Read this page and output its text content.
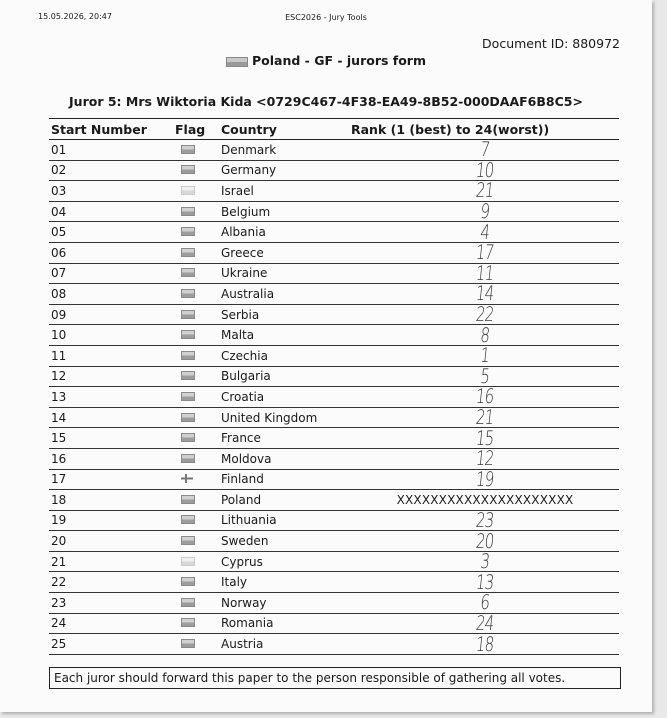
15.05.2026, 20:47	ESC2026 - Jury Tools
Document ID: 880972
Poland - GF - jurors form
Juror 5: Mrs Wiktoria Kida <0729C467-4F38-EA49-8B52-000DAAF6B8C5>
Start Number	Flag	Country	Rank (1 (best) to 24(worst))
01		Denmark	7
02		Germany	10
03		Israel	21
04		Belgium	9
05		Albania	4
06		Greece	17
07		Ukraine	11
08		Australia	14
09		Serbia	22
10		Malta	8
11		Czechia	1
12		Bulgaria	5
13		Croatia	16
14		United Kingdom	21
15		France	15
16		Moldova	12
17		Finland	19
18		Poland	XXXXXXXXXXXXXXXXXXXXX
19		Lithuania	23
20		Sweden	20
21		Cyprus	3
22		Italy	13
23		Norway	6
24		Romania	24
25		Austria	18
Each juror should forward this paper to the person responsible of gathering all votes.
